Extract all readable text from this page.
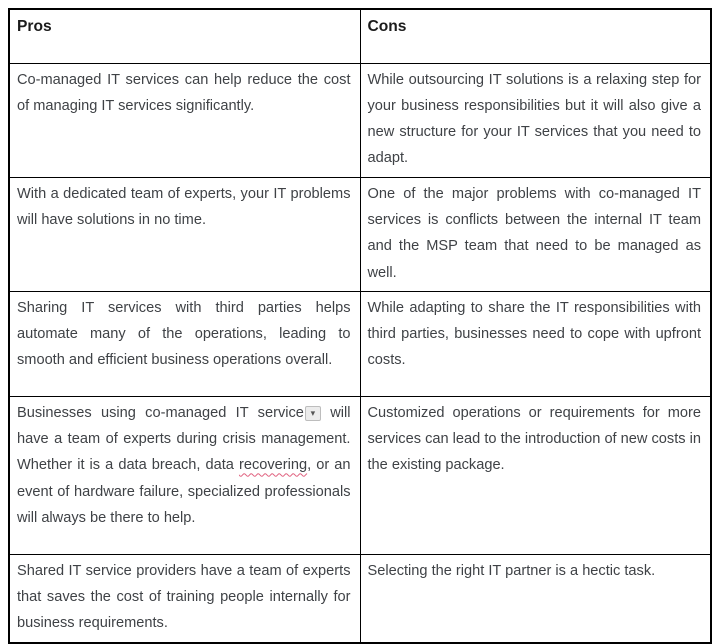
Pros	Cons
Co-managed IT services can help reduce the cost of managing IT services significantly.	While outsourcing IT solutions is a relaxing step for your business responsibilities but it will also give a new structure for your IT services that you need to adapt.
With a dedicated team of experts, your IT problems will have solutions in no time.	One of the major problems with co-managed IT services is conflicts between the internal IT team and the MSP team that need to be managed as well.
Sharing IT services with third parties helps automate many of the operations, leading to smooth and efficient business operations overall.	While adapting to share the IT responsibilities with third parties, businesses need to cope with upfront costs.
Businesses using co-managed IT service ▾ will have a team of experts during crisis management. Whether it is a data breach, data recovering, or an event of hardware failure, specialized professionals will always be there to help.	Customized operations or requirements for more services can lead to the introduction of new costs in the existing package.
Shared IT service providers have a team of experts that saves the cost of training people internally for business requirements.	Selecting the right IT partner is a hectic task.
